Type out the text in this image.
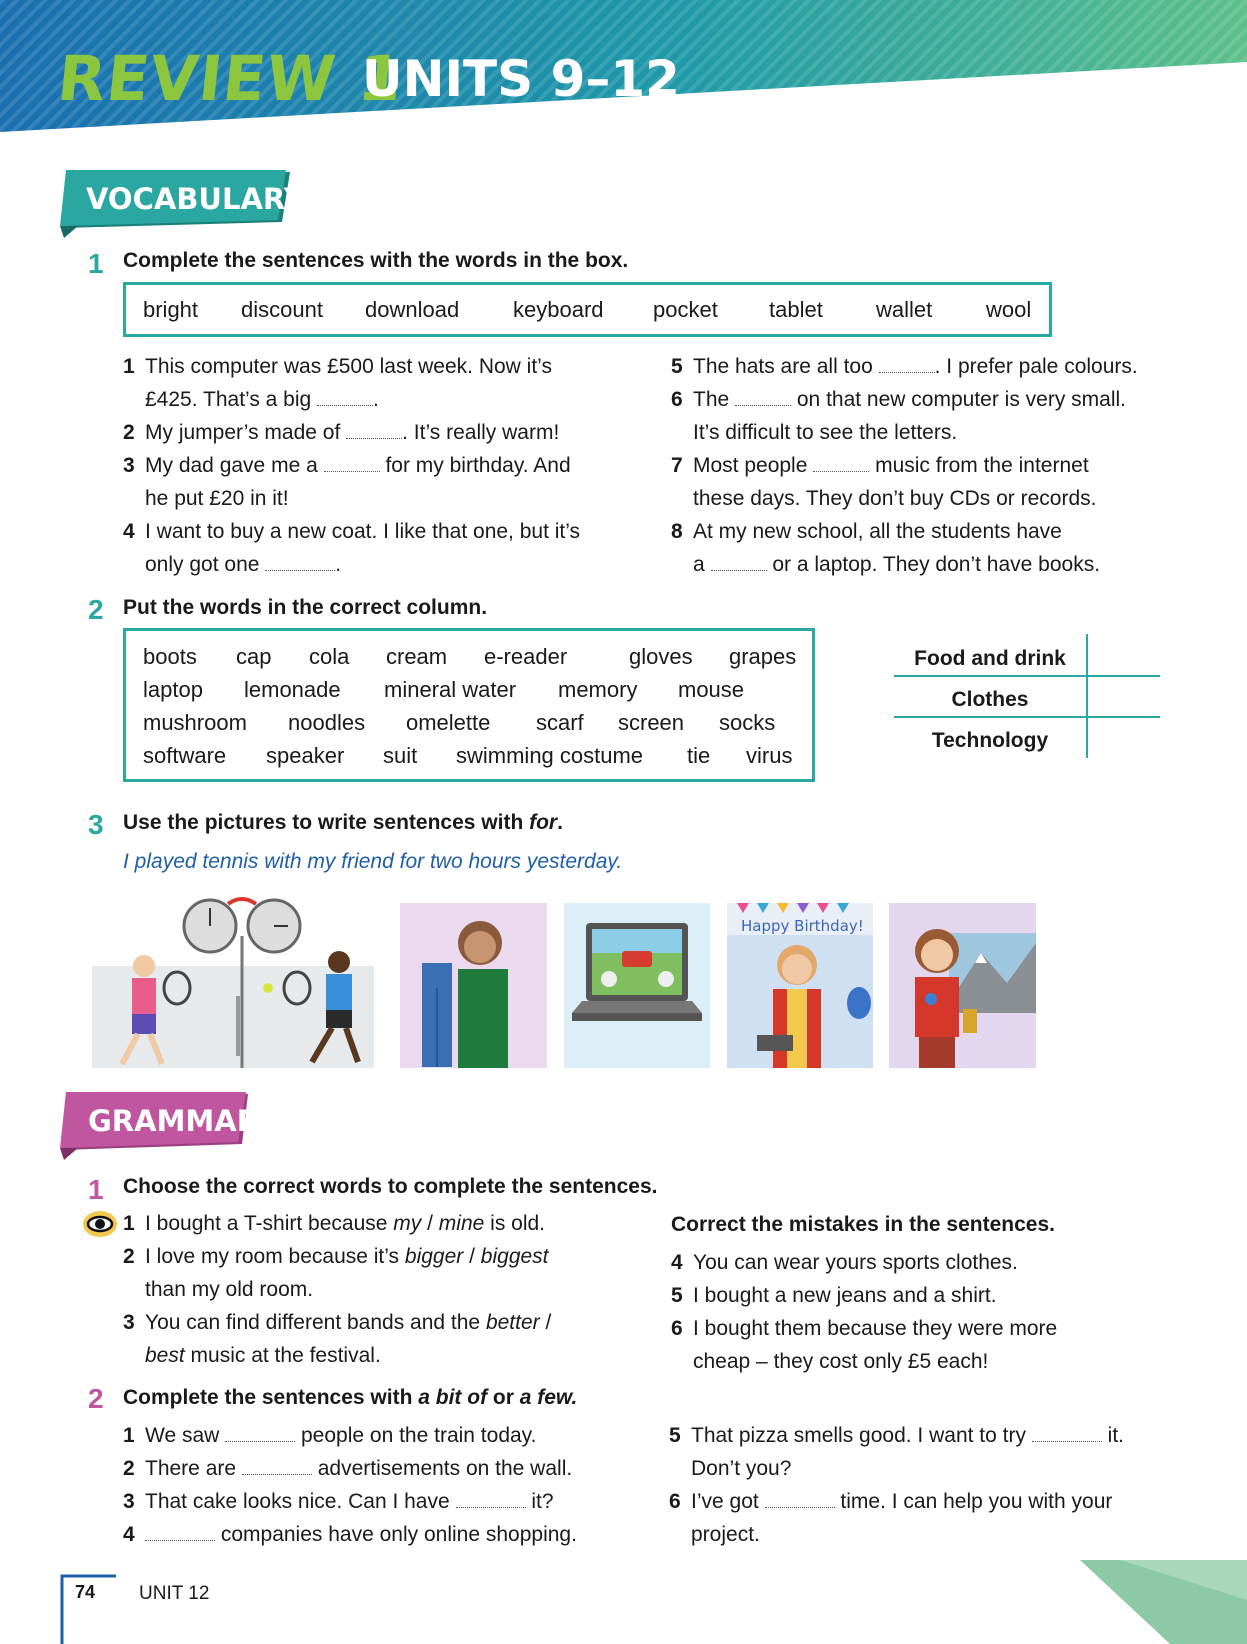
REVIEW 1
UNITS 9–12
VOCABULARY
1 Complete the sentences with the words in the box.
bright discount download keyboard pocket tablet wallet wool
1 This computer was £500 last week. Now it’s
£425. That’s a big	.
2 My jumper’s made of	. It’s really warm!
3 My dad gave me a	for my birthday. And
he put £20 in it!
4 I want to buy a new coat. I like that one, but it’s
only got one	.
5 The hats are all too	. I prefer pale colours.
6 The	on that new computer is very small.
It’s difficult to see the letters.
7 Most people	music from the internet
these days. They don’t buy CDs or records.
8 At my new school, all the students have
a	or a laptop. They don’t have books.
2 Put the words in the correct column.
boots cap cola cream e-reader	gloves grapes
laptop lemonade mineral water memory mouse
mushroom noodles omelette scarf screen socks
software speaker suit swimming costume tie virus
Food and drink
Clothes
Technology
3 Use the pictures to write sentences with for.
I played tennis with my friend for two hours yesterday.
Happy Birthday!
GRAMMAR
1 Choose the correct words to complete the sentences.
1 I bought a T-shirt because my / mine is old.
2 I love my room because it’s bigger / biggest
than my old room.
3 You can find different bands and the better /
best music at the festival.
Correct the mistakes in the sentences.
4 You can wear yours sports clothes.
5 I bought a new jeans and a shirt.
6 I bought them because they were more
cheap – they cost only £5 each!
2 Complete the sentences with a bit of or a few.
1 We saw	people on the train today.
2 There are	advertisements on the wall.
3 That cake looks nice. Can I have	it?
4	companies have only online shopping.
5 That pizza smells good. I want to try	it.
Don’t you?
6 I’ve got	time. I can help you with your
project.
74 UNIT 12
